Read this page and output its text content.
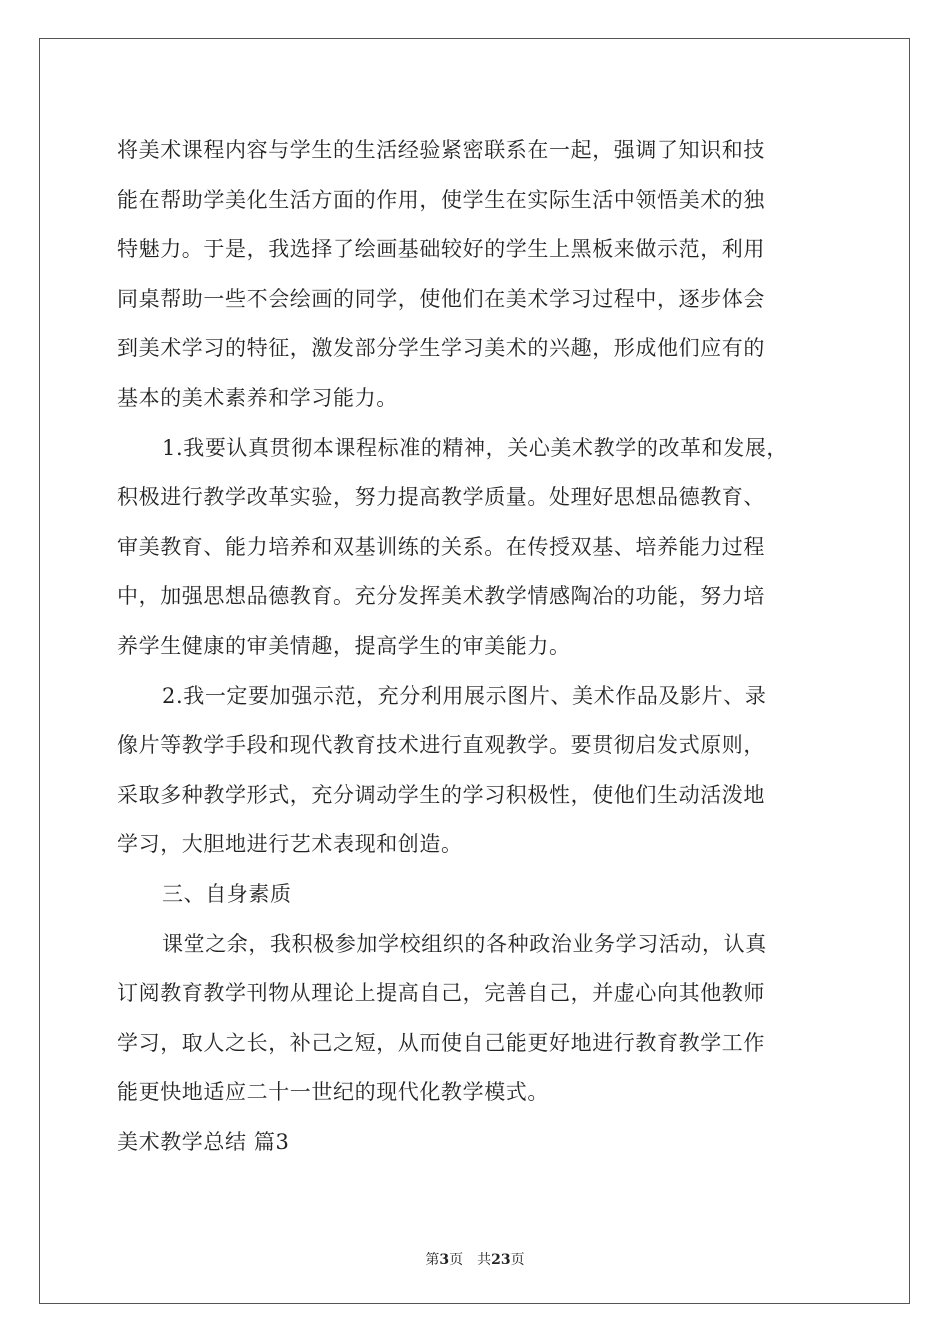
将美术课程内容与学生的生活经验紧密联系在一起，强调了知识和技
能在帮助学美化生活方面的作用，使学生在实际生活中领悟美术的独
特魅力。于是，我选择了绘画基础较好的学生上黑板来做示范，利用
同桌帮助一些不会绘画的同学，使他们在美术学习过程中，逐步体会
到美术学习的特征，激发部分学生学习美术的兴趣，形成他们应有的
基本的美术素养和学习能力。
1.我要认真贯彻本课程标准的精神，关心美术教学的改革和发展，
积极进行教学改革实验，努力提高教学质量。处理好思想品德教育、
审美教育、能力培养和双基训练的关系。在传授双基、培养能力过程
中，加强思想品德教育。充分发挥美术教学情感陶冶的功能，努力培
养学生健康的审美情趣，提高学生的审美能力。
2.我一定要加强示范，充分利用展示图片、美术作品及影片、录
像片等教学手段和现代教育技术进行直观教学。要贯彻启发式原则，
采取多种教学形式，充分调动学生的学习积极性，使他们生动活泼地
学习，大胆地进行艺术表现和创造。
三、自身素质
课堂之余，我积极参加学校组织的各种政治业务学习活动，认真
订阅教育教学刊物从理论上提高自己，完善自己，并虚心向其他教师
学习，取人之长，补己之短，从而使自己能更好地进行教育教学工作
能更快地适应二十一世纪的现代化教学模式。
美术教学总结 篇3
第3页 共23页
